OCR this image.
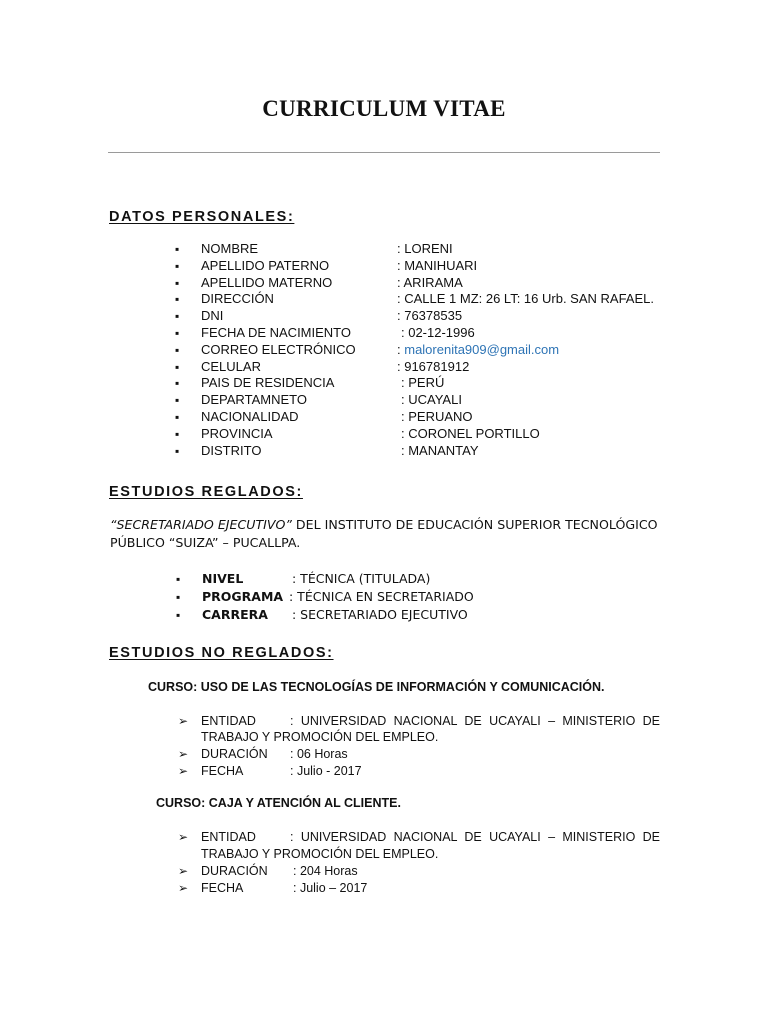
CURRICULUM VITAE
DATOS PERSONALES:
▪ NOMBRE	: LORENI
▪ APELLIDO PATERNO	: MANIHUARI
▪ APELLIDO MATERNO	: ARIRAMA
▪ DIRECCIÓN	: CALLE 1 MZ: 26 LT: 16 Urb. SAN RAFAEL.
▪ DNI	: 76378535
▪ FECHA DE NACIMIENTO	: 02-12-1996
▪ CORREO ELECTRÓNICO	: malorenita909@gmail.com
▪ CELULAR	: 916781912
▪ PAIS DE RESIDENCIA	: PERÚ
▪ DEPARTAMNETO	: UCAYALI
▪ NACIONALIDAD	: PERUANO
▪ PROVINCIA	: CORONEL PORTILLO
▪ DISTRITO	: MANANTAY
ESTUDIOS REGLADOS:
“SECRETARIADO EJECUTIVO” DEL INSTITUTO DE EDUCACIÓN SUPERIOR TECNOLÓGICO
PÚBLICO “SUIZA” – PUCALLPA.
▪ NIVEL	: TÉCNICA (TITULADA)
▪ PROGRAMA : TÉCNICA EN SECRETARIADO
▪ CARRERA : SECRETARIADO EJECUTIVO
ESTUDIOS NO REGLADOS:
CURSO: USO DE LAS TECNOLOGÍAS DE INFORMACIÓN Y COMUNICACIÓN.
➢ ENTIDAD	: UNIVERSIDAD NACIONAL DE UCAYALI – MINISTERIO DE
TRABAJO Y PROMOCIÓN DEL EMPLEO.
➢ DURACIÓN : 06 Horas
➢ FECHA	: Julio - 2017
CURSO: CAJA Y ATENCIÓN AL CLIENTE.
➢ ENTIDAD	: UNIVERSIDAD NACIONAL DE UCAYALI – MINISTERIO DE
TRABAJO Y PROMOCIÓN DEL EMPLEO.
➢ DURACIÓN : 204 Horas
➢ FECHA	: Julio – 2017
